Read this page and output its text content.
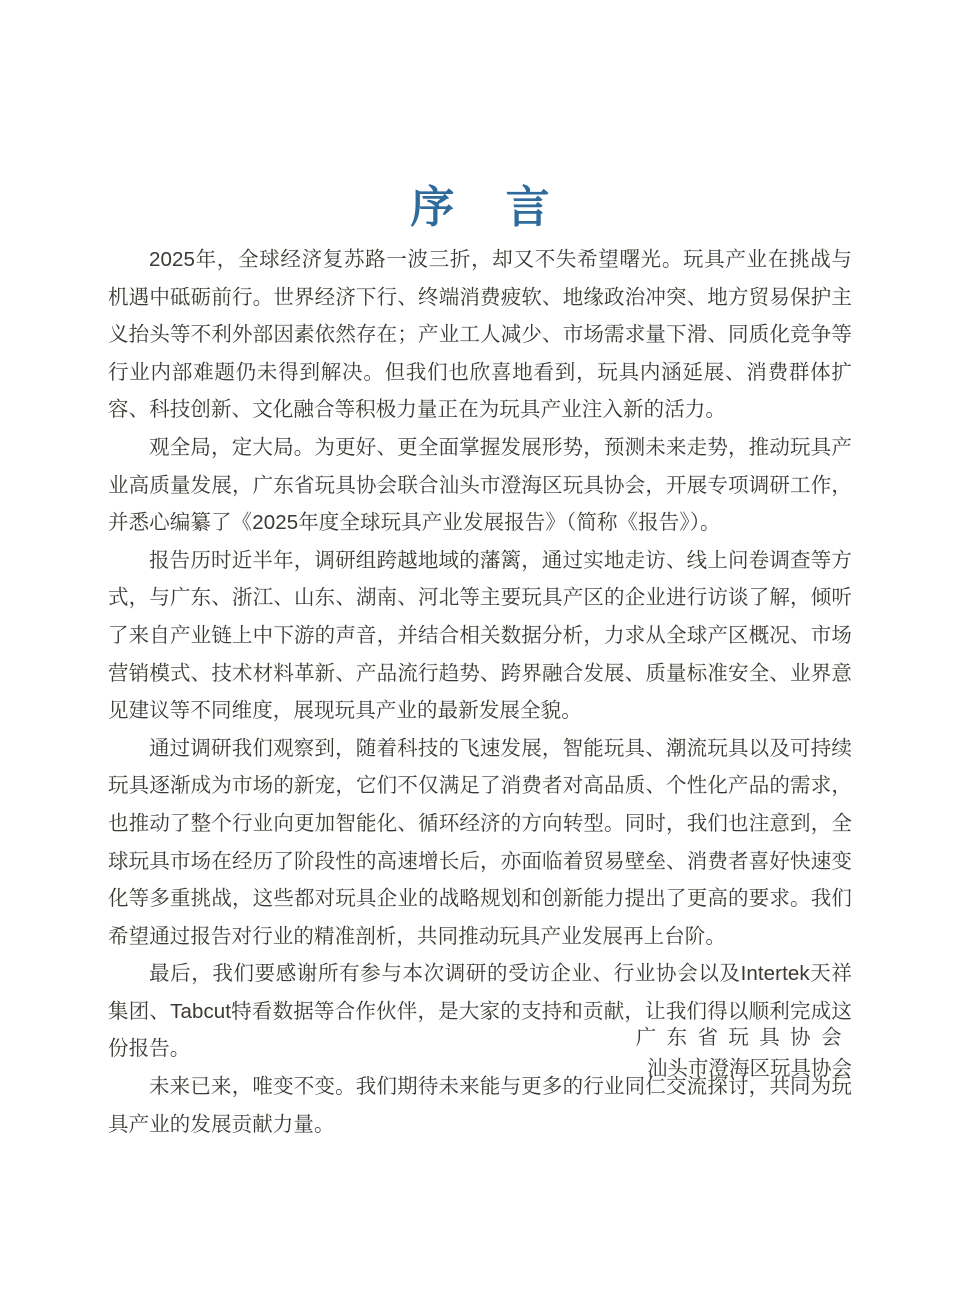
序 言

2025年，全球经济复苏路一波三折，却又不失希望曙光。玩具产业在挑战与机遇中砥砺前行。世界经济下行、终端消费疲软、地缘政治冲突、地方贸易保护主义抬头等不利外部因素依然存在；产业工人减少、市场需求量下滑、同质化竞争等行业内部难题仍未得到解决。但我们也欣喜地看到，玩具内涵延展、消费群体扩容、科技创新、文化融合等积极力量正在为玩具产业注入新的活力。

观全局，定大局。为更好、更全面掌握发展形势，预测未来走势，推动玩具产业高质量发展，广东省玩具协会联合汕头市澄海区玩具协会，开展专项调研工作，并悉心编纂了《2025年度全球玩具产业发展报告》（简称《报告》）。

报告历时近半年，调研组跨越地域的藩篱，通过实地走访、线上问卷调查等方式，与广东、浙江、山东、湖南、河北等主要玩具产区的企业进行访谈了解，倾听了来自产业链上中下游的声音，并结合相关数据分析，力求从全球产区概况、市场营销模式、技术材料革新、产品流行趋势、跨界融合发展、质量标准安全、业界意见建议等不同维度，展现玩具产业的最新发展全貌。

通过调研我们观察到，随着科技的飞速发展，智能玩具、潮流玩具以及可持续玩具逐渐成为市场的新宠，它们不仅满足了消费者对高品质、个性化产品的需求，也推动了整个行业向更加智能化、循环经济的方向转型。同时，我们也注意到，全球玩具市场在经历了阶段性的高速增长后，亦面临着贸易壁垒、消费者喜好快速变化等多重挑战，这些都对玩具企业的战略规划和创新能力提出了更高的要求。我们希望通过报告对行业的精准剖析，共同推动玩具产业发展再上台阶。

最后，我们要感谢所有参与本次调研的受访企业、行业协会以及Intertek天祥集团、Tabcut特看数据等合作伙伴，是大家的支持和贡献，让我们得以顺利完成这份报告。

未来已来，唯变不变。我们期待未来能与更多的行业同仁交流探讨，共同为玩具产业的发展贡献力量。

广东省玩具协会
汕头市澄海区玩具协会
